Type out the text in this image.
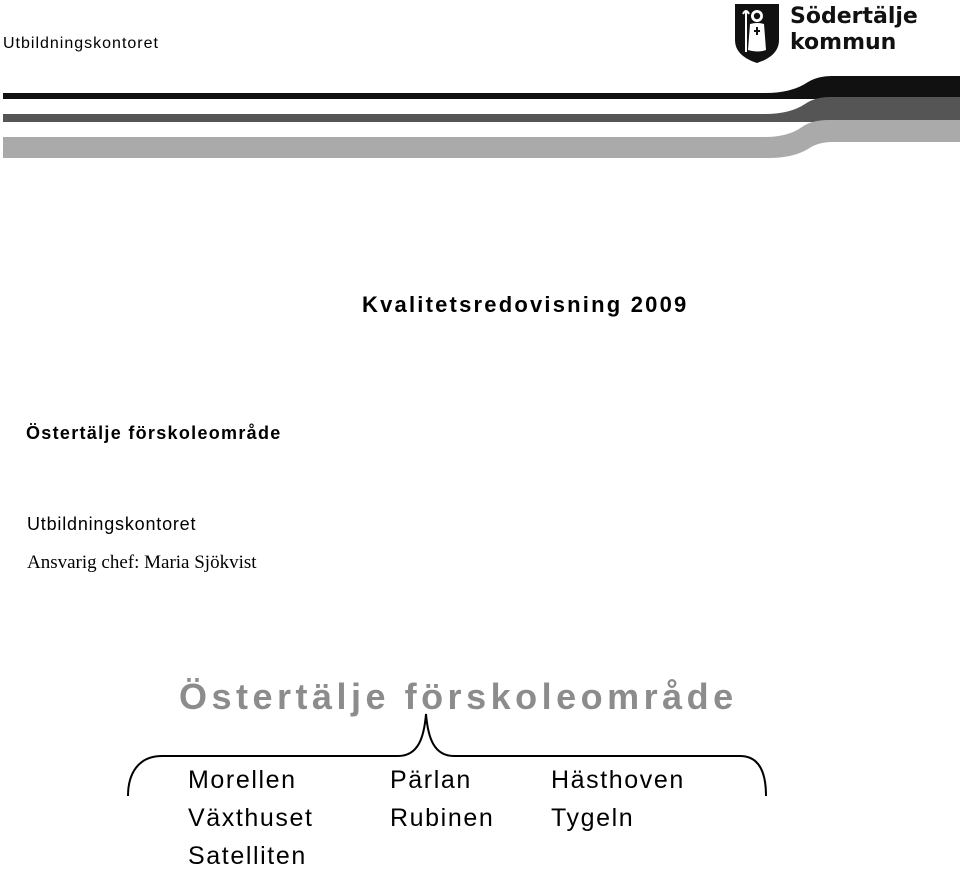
Utbildningskontoret
Södertälje
kommun
Kvalitetsredovisning 2009
Östertälje förskoleområde
Utbildningskontoret
Ansvarig chef: Maria Sjökvist
Östertälje förskoleområde
Morellen	Pärlan	Hästhoven
Växthuset	Rubinen Tygeln
Satelliten
